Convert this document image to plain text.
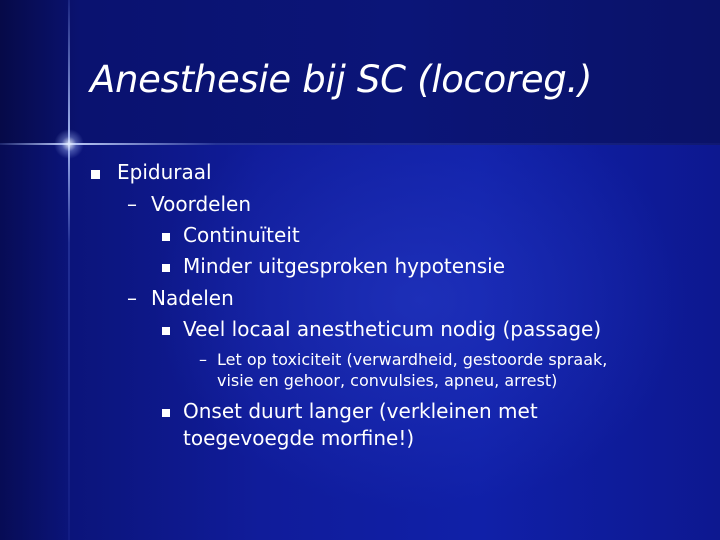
Anesthesie bij SC (locoreg.)
Epiduraal
– Voordelen
Continuïteit
Minder uitgesproken hypotensie
– Nadelen
Veel locaal anestheticum nodig (passage)
– Let op toxiciteit (verwardheid, gestoorde spraak,
visie en gehoor, convulsies, apneu, arrest)
Onset duurt langer (verkleinen met
toegevoegde morfine!)
